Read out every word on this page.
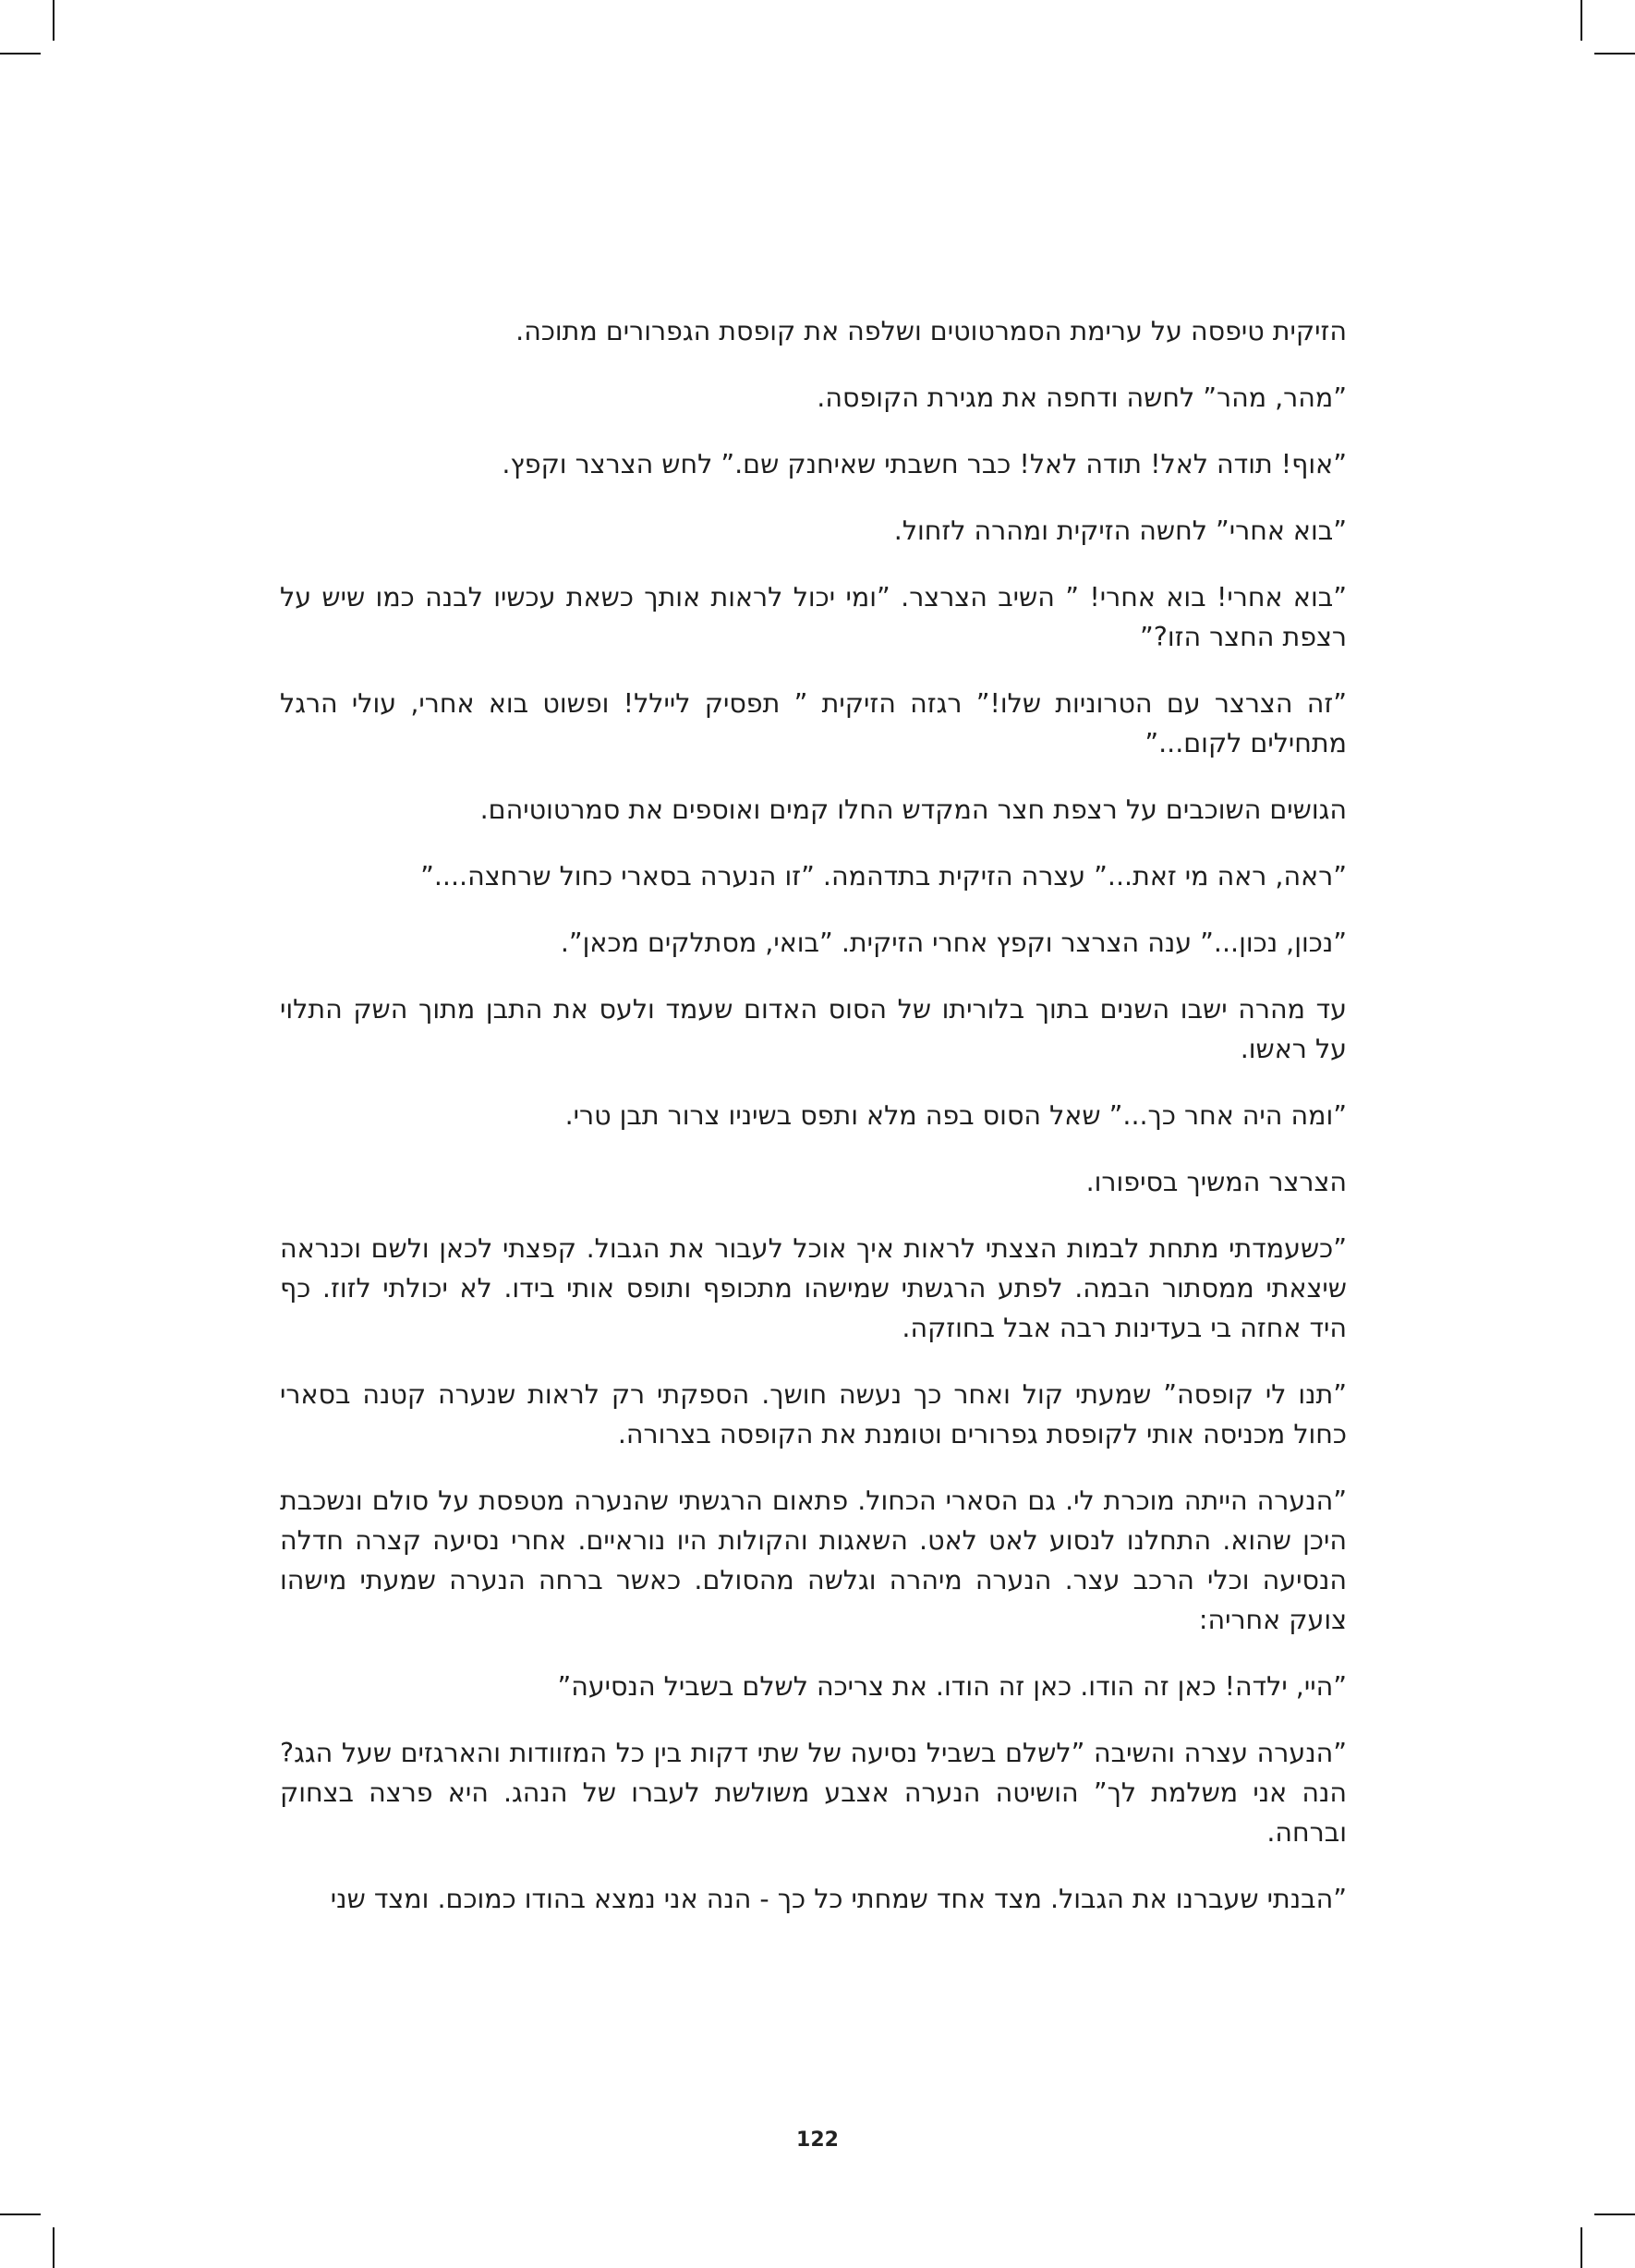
הזיקית טיפסה על ערימת הסמרטוטים ושלפה את קופסת הגפרורים מתוכה.

”מהר, מהר” לחשה ודחפה את מגירת הקופסה.

”אוף! תודה לאל! תודה לאל! כבר חשבתי שאיחנק שם.” לחש הצרצר וקפץ.

”בוא אחרי” לחשה הזיקית ומהרה לזחול.

”בוא אחרי! בוא אחרי! ” השיב הצרצר. ”ומי יכול לראות אותך כשאת עכשיו לבנה כמו שיש על רצפת החצר הזו?”

”זה הצרצר עם הטרוניות שלו!” רגזה הזיקית ” תפסיק ליילל! ופשוט בוא אחרי, עולי הרגל מתחילים לקום...”

הגושים השוכבים על רצפת חצר המקדש החלו קמים ואוספים את סמרטוטיהם.

”ראה, ראה מי זאת...” עצרה הזיקית בתדהמה. ”זו הנערה בסארי כחול שרחצה....”

”נכון, נכון...” ענה הצרצר וקפץ אחרי הזיקית. ”בואי, מסתלקים מכאן”.

עד מהרה ישבו השנים בתוך בלוריתו של הסוס האדום שעמד ולעס את התבן מתוך השק התלוי על ראשו.

”ומה היה אחר כך...” שאל הסוס בפה מלא ותפס בשיניו צרור תבן טרי.

הצרצר המשיך בסיפורו.

”כשעמדתי מתחת לבמות הצצתי לראות איך אוכל לעבור את הגבול. קפצתי לכאן ולשם וכנראה שיצאתי ממסתור הבמה. לפתע הרגשתי שמישהו מתכופף ותופס אותי בידו. לא יכולתי לזוז. כף היד אחזה בי בעדינות רבה אבל בחוזקה.

”תנו לי קופסה” שמעתי קול ואחר כך נעשה חושך. הספקתי רק לראות שנערה קטנה בסארי כחול מכניסה אותי לקופסת גפרורים וטומנת את הקופסה בצרורה.

”הנערה הייתה מוכרת לי. גם הסארי הכחול. פתאום הרגשתי שהנערה מטפסת על סולם ונשכבת היכן שהוא. התחלנו לנסוע לאט לאט. השאגות והקולות היו נוראיים. אחרי נסיעה קצרה חדלה הנסיעה וכלי הרכב עצר. הנערה מיהרה וגלשה מהסולם. כאשר ברחה הנערה שמעתי מישהו צועק אחריה:

”היי, ילדה! כאן זה הודו. כאן זה הודו. את צריכה לשלם בשביל הנסיעה”

”הנערה עצרה והשיבה ”לשלם בשביל נסיעה של שתי דקות בין כל המזוודות והארגזים שעל הגג? הנה אני משלמת לך” הושיטה הנערה אצבע משולשת לעברו של הנהג. היא פרצה בצחוק וברחה.

”הבנתי שעברנו את הגבול. מצד אחד שמחתי כל כך - הנה אני נמצא בהודו כמוכם. ומצד שני

122
